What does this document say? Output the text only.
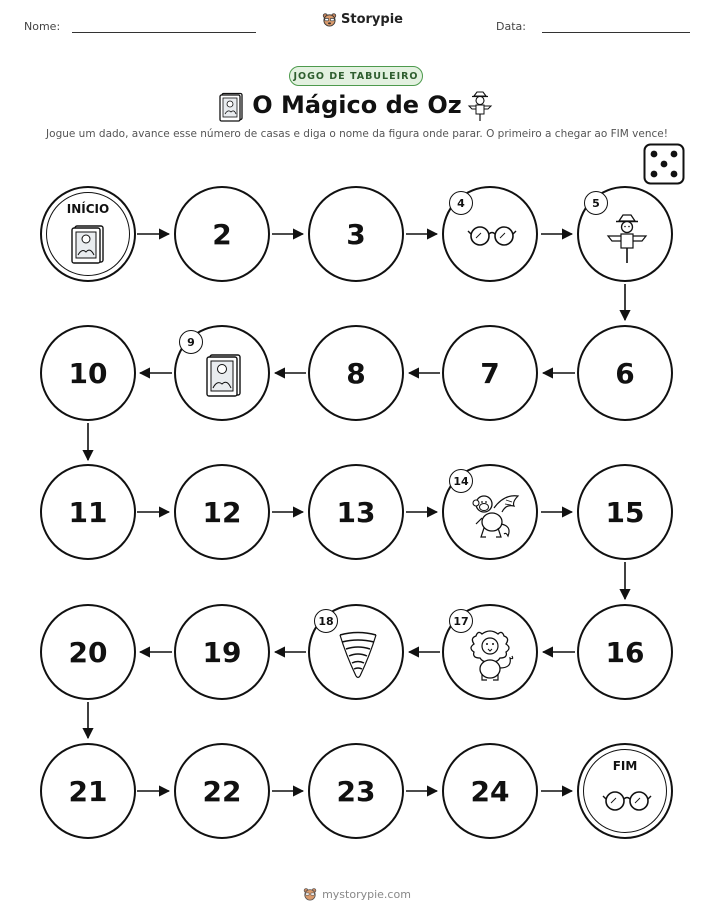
Nome:	Storypie	Data:
JOGO DE TABULEIRO
O Mágico de Oz
Jogue um dado, avance esse número de casas e diga o nome da figura onde parar. O primeiro a chegar ao FIM vence!
INÍCIO
2	3
4	5
10
9
8	7	6
11	12	13
14
15
20	19
18	17
16
21	22	23	24
FIM
mystorypie.com
